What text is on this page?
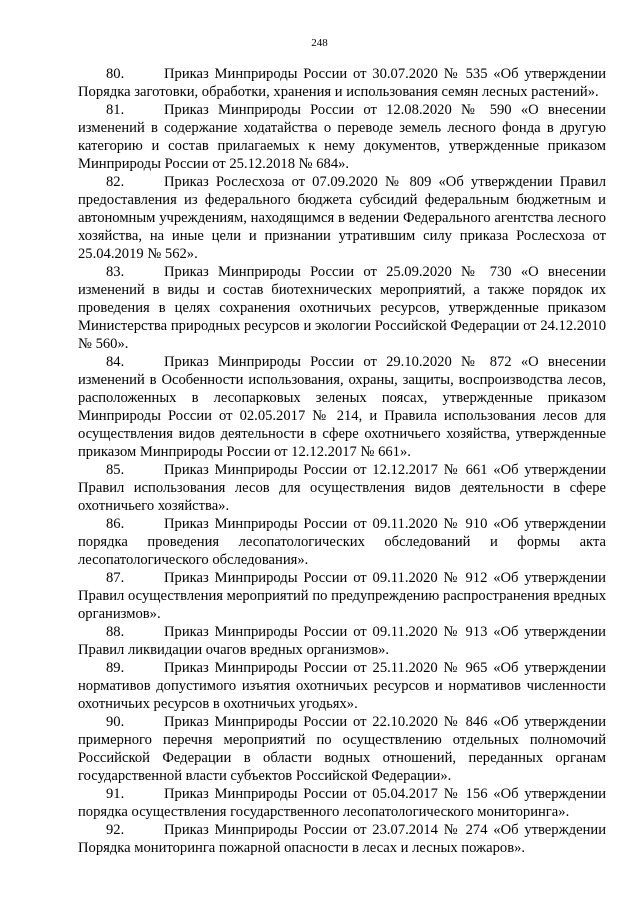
248

80.	Приказ Минприроды России от 30.07.2020 № 535 «Об утверждении Порядка заготовки, обработки, хранения и использования семян лесных растений».

81.	Приказ Минприроды России от 12.08.2020 № 590 «О внесении изменений в содержание ходатайства о переводе земель лесного фонда в другую категорию и состав прилагаемых к нему документов, утвержденные приказом Минприроды России от 25.12.2018 № 684».

82.	Приказ Рослесхоза от 07.09.2020 № 809 «Об утверждении Правил предоставления из федерального бюджета субсидий федеральным бюджетным и автономным учреждениям, находящимся в ведении Федерального агентства лесного хозяйства, на иные цели и признании утратившим силу приказа Рослесхоза от 25.04.2019 № 562».

83.	Приказ Минприроды России от 25.09.2020 № 730 «О внесении изменений в виды и состав биотехнических мероприятий, а также порядок их проведения в целях сохранения охотничьих ресурсов, утвержденные приказом Министерства природных ресурсов и экологии Российской Федерации от 24.12.2010 № 560».

84.	Приказ Минприроды России от 29.10.2020 № 872 «О внесении изменений в Особенности использования, охраны, защиты, воспроизводства лесов, расположенных в лесопарковых зеленых поясах, утвержденные приказом Минприроды России от 02.05.2017 № 214, и Правила использования лесов для осуществления видов деятельности в сфере охотничьего хозяйства, утвержденные приказом Минприроды России от 12.12.2017 № 661».

85.	Приказ Минприроды России от 12.12.2017 № 661 «Об утверждении Правил использования лесов для осуществления видов деятельности в сфере охотничьего хозяйства».

86.	Приказ Минприроды России от 09.11.2020 № 910 «Об утверждении порядка проведения лесопатологических обследований и формы акта лесопатологического обследования».

87.	Приказ Минприроды России от 09.11.2020 № 912 «Об утверждении Правил осуществления мероприятий по предупреждению распространения вредных организмов».

88.	Приказ Минприроды России от 09.11.2020 № 913 «Об утверждении Правил ликвидации очагов вредных организмов».

89.	Приказ Минприроды России от 25.11.2020 № 965 «Об утверждении нормативов допустимого изъятия охотничьих ресурсов и нормативов численности охотничьих ресурсов в охотничьих угодьях».

90.	Приказ Минприроды России от 22.10.2020 № 846 «Об утверждении примерного перечня мероприятий по осуществлению отдельных полномочий Российской Федерации в области водных отношений, переданных органам государственной власти субъектов Российской Федерации».

91.	Приказ Минприроды России от 05.04.2017 № 156 «Об утверждении порядка осуществления государственного лесопатологического мониторинга».

92.	Приказ Минприроды России от 23.07.2014 № 274 «Об утверждении Порядка мониторинга пожарной опасности в лесах и лесных пожаров».
